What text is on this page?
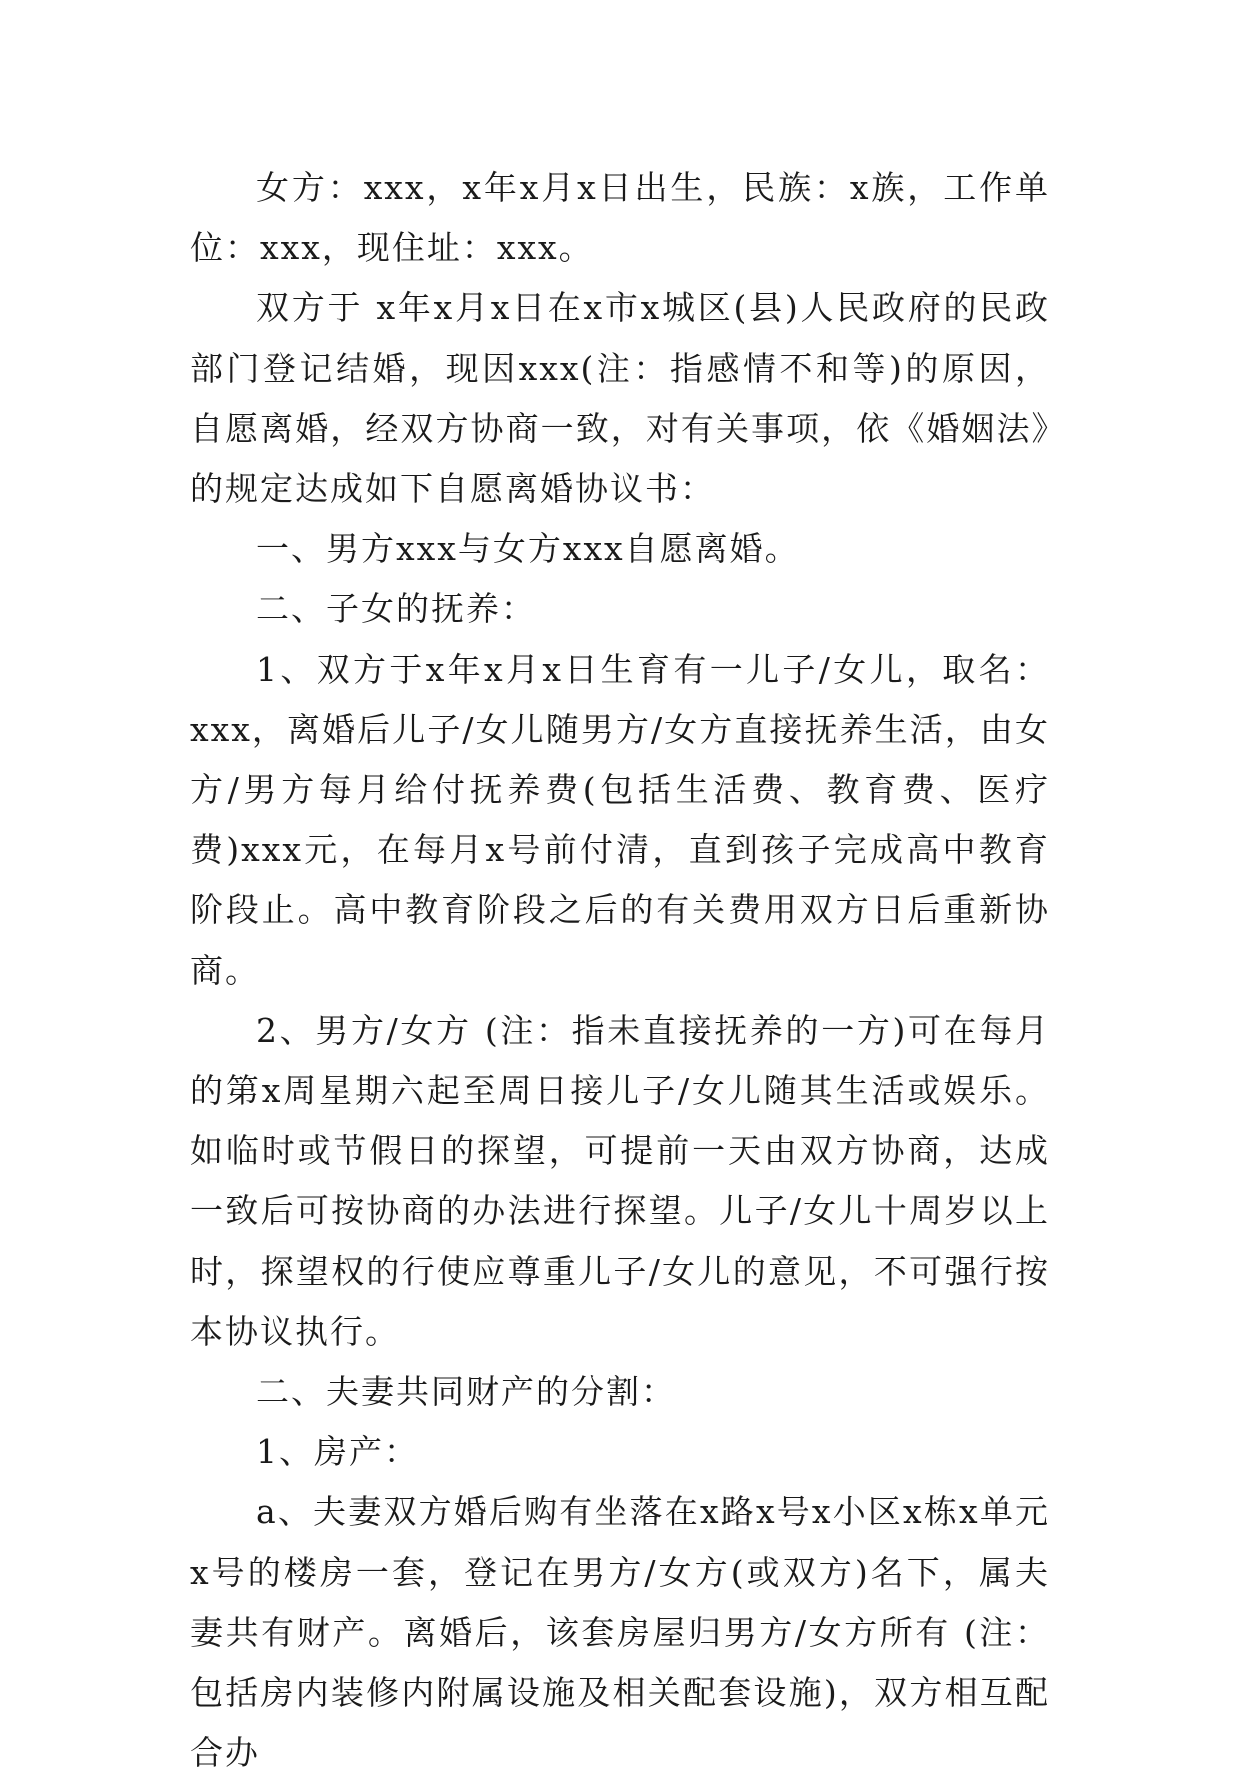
女方：xxx，x年x月x日出生，民族：x族，工作单位：xxx，现住址：xxx。

双方于 x年x月x日在x市x城区(县)人民政府的民政部门登记结婚，现因xxx(注：指感情不和等)的原因，自愿离婚，经双方协商一致，对有关事项，依《婚姻法》的规定达成如下自愿离婚协议书：

一、男方xxx与女方xxx自愿离婚。

二、子女的抚养：

1、双方于x年x月x日生育有一儿子/女儿，取名：xxx，离婚后儿子/女儿随男方/女方直接抚养生活，由女方/男方每月给付抚养费(包括生活费、教育费、医疗费)xxx元，在每月x号前付清，直到孩子完成高中教育阶段止。高中教育阶段之后的有关费用双方日后重新协商。

2、男方/女方 (注：指未直接抚养的一方)可在每月的第x周星期六起至周日接儿子/女儿随其生活或娱乐。如临时或节假日的探望，可提前一天由双方协商，达成一致后可按协商的办法进行探望。儿子/女儿十周岁以上时，探望权的行使应尊重儿子/女儿的意见，不可强行按本协议执行。

二、夫妻共同财产的分割：

1、房产：

a、夫妻双方婚后购有坐落在x路x号x小区x栋x单元x号的楼房一套，登记在男方/女方(或双方)名下，属夫妻共有财产。离婚后，该套房屋归男方/女方所有 (注：包括房内装修内附属设施及相关配套设施)，双方相互配合办
